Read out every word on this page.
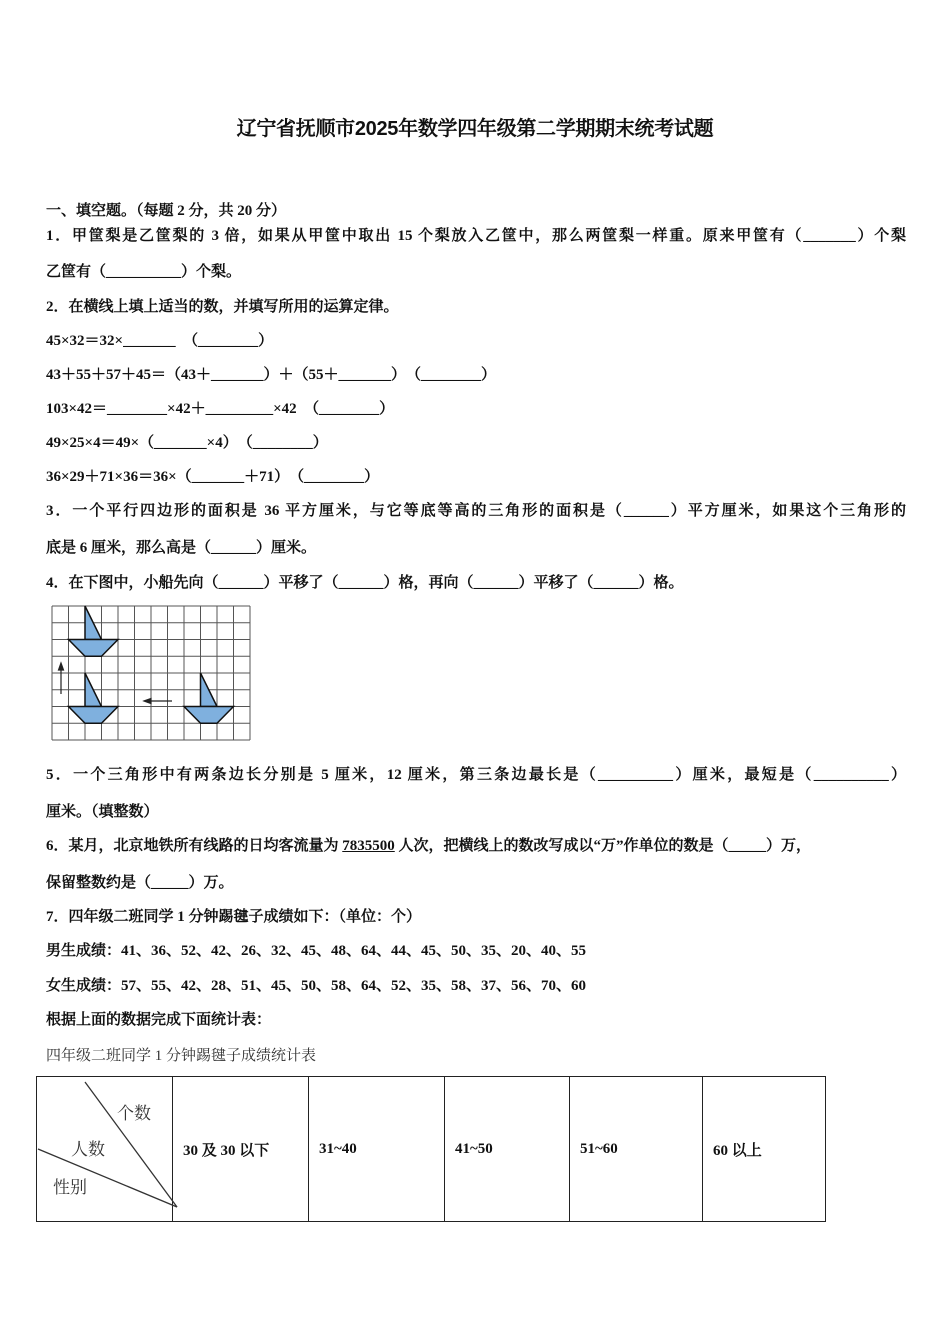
辽宁省抚顺市2025年数学四年级第二学期期末统考试题
一、填空题。（每题 2 分，共 20 分）
1．甲筐梨是乙筐梨的 3 倍，如果从甲筐中取出 15 个梨放入乙筐中，那么两筐梨一样重。原来甲筐有（_______）个梨
乙筐有（__________）个梨。
2．在横线上填上适当的数，并填写所用的运算定律。
45×32＝32×_______　（________）
43＋55＋57＋45＝（43＋_______）＋（55＋_______）　（________）
103×42＝________×42＋_________×42　（________）
49×25×4＝49×（_______×4）　（________）
36×29＋71×36＝36×（_______＋71）　（________）
3．一个平行四边形的面积是 36 平方厘米，与它等底等高的三角形的面积是（______）平方厘米，如果这个三角形的
底是 6 厘米，那么高是（______）厘米。
4．在下图中，小船先向（______）平移了（______）格，再向（______）平移了（______）格。
5．一个三角形中有两条边长分别是 5 厘米，12 厘米，第三条边最长是（__________）厘米，最短是（__________）
厘米。（填整数）
6．某月，北京地铁所有线路的日均客流量为 7835500 人次，把横线上的数改写成以“万”作单位的数是（_____）万，
保留整数约是（_____）万。
7．四年级二班同学 1 分钟踢毽子成绩如下：（单位：个）
男生成绩：41、36、52、42、26、32、45、48、64、44、45、50、35、20、40、55
女生成绩：57、55、42、28、51、45、50、58、64、52、35、58、37、56、70、60
根据上面的数据完成下面统计表：
四年级二班同学 1 分钟踢毽子成绩统计表
个数
人数
性别
	30 及 30 以下	31~40	41~50	51~60	60 以上
